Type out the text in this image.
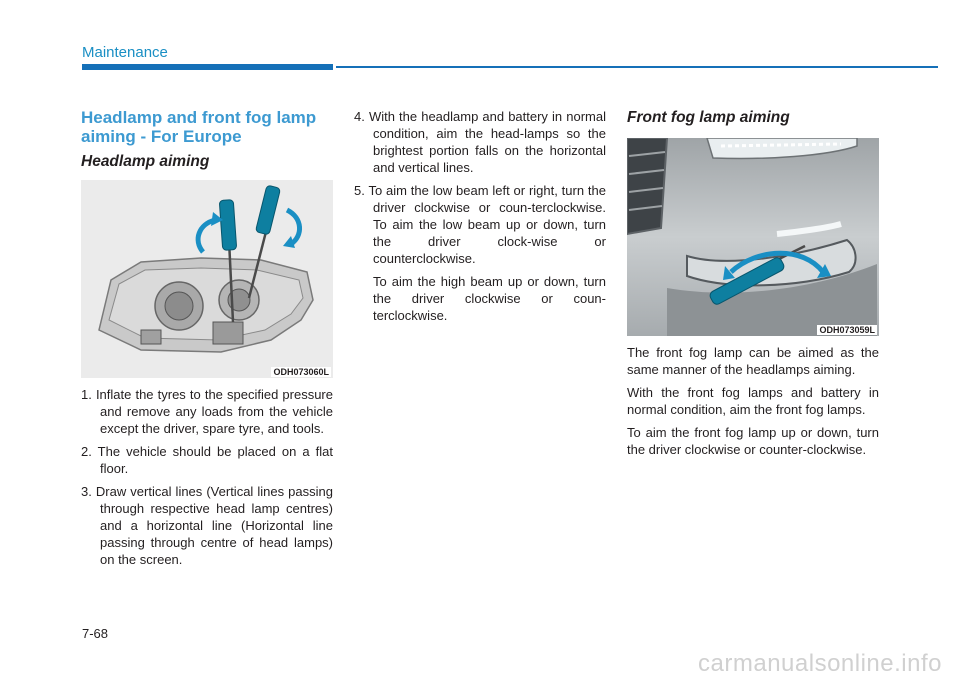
Maintenance
Headlamp and front fog lamp
aiming - For Europe
Headlamp aiming
ODH073060L
1. Inflate the tyres to the specified pressure and remove any loads from the vehicle except the driver, spare tyre, and tools.
2. The vehicle should be placed on a flat floor.
3. Draw vertical lines (Vertical lines passing through respective head lamp centres) and a horizontal line (Horizontal line passing through centre of head lamps) on the screen.
4. With the headlamp and battery in normal condition, aim the head-lamps so the brightest portion falls on the horizontal and vertical lines.
5. To aim the low beam left or right, turn the driver clockwise or coun-terclockwise. To aim the low beam up or down, turn the driver clock-wise or counterclockwise.

To aim the high beam up or down, turn the driver clockwise or coun-terclockwise.

Front fog lamp aiming
ODH073059L

The front fog lamp can be aimed as the same manner of the headlamps aiming.

With the front fog lamps and battery in normal condition, aim the front fog lamps.

To aim the front fog lamp up or down, turn the driver clockwise or counter-clockwise.

7-68
carmanualsonline.info
